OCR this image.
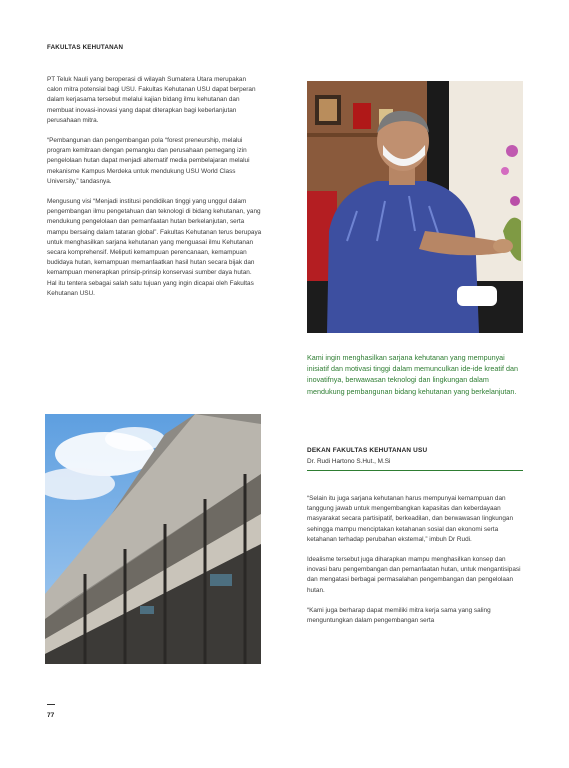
FAKULTAS KEHUTANAN

PT Teluk Nauli yang beroperasi di wilayah Sumatera Utara merupakan calon mitra potensial bagi USU. Fakultas Kehutanan USU dapat berperan dalam kerjasama tersebut melalui kajian bidang ilmu kehutanan dan membuat inovasi-inovasi yang dapat diterapkan bagi keberlanjutan perusahaan mitra.

“Pembangunan dan pengembangan pola “forest preneurship, melalui program kemitraan dengan pemangku dan perusahaan pemegang izin pengelolaan hutan dapat menjadi alternatif media pembelajaran melalui mekanisme Kampus Merdeka untuk mendukung USU World Class University,” tandasnya.

Mengusung visi “Menjadi institusi pendidikan tinggi yang unggul dalam pengembangan ilmu pengetahuan dan teknologi di bidang kehutanan, yang mendukung pengelolaan dan pemanfaatan hutan berkelanjutan, serta mampu bersaing dalam tataran global”. Fakultas Kehutanan terus berupaya untuk menghasilkan sarjana kehutanan yang menguasai ilmu Kehutanan secara komprehensif. Meliputi kemampuan perencanaan, kemampuan budidaya hutan, kemampuan memanfaatkan hasil hutan secara bijak dan kemampuan menerapkan prinsip-prinsip konservasi sumber daya hutan. Hal itu tentera sebagai salah satu tujuan yang ingin dicapai oleh Fakultas Kehutanan USU.

Kami ingin menghasilkan sarjana kehutanan yang mempunyai inisiatif dan motivasi tinggi dalam memunculkan ide-ide kreatif dan inovatifnya, berwawasan teknologi dan lingkungan dalam mendukung pembangunan bidang kehutanan yang berkelanjutan.
DEKAN FAKULTAS KEHUTANAN USU
Dr. Rudi Hartono S.Hut., M.Si

“Selain itu juga sarjana kehutanan harus mempunyai kemampuan dan tanggung jawab untuk mengembangkan kapasitas dan keberdayaan masyarakat secara partisipatif, berkeadilan, dan berwawasan lingkungan sehingga mampu menciptakan ketahanan sosial dan ekonomi serta ketahanan terhadap perubahan ekstemal,” imbuh Dr Rudi.

Idealisme tersebut juga diharapkan mampu menghasilkan konsep dan inovasi baru pengembangan dan pemanfaatan hutan, untuk mengantisipasi dan mengatasi berbagai permasalahan pengembangan dan pengelolaan hutan.

“Kami juga berharap dapat memiliki mitra kerja sama yang saling menguntungkan dalam pengembangan serta

77
